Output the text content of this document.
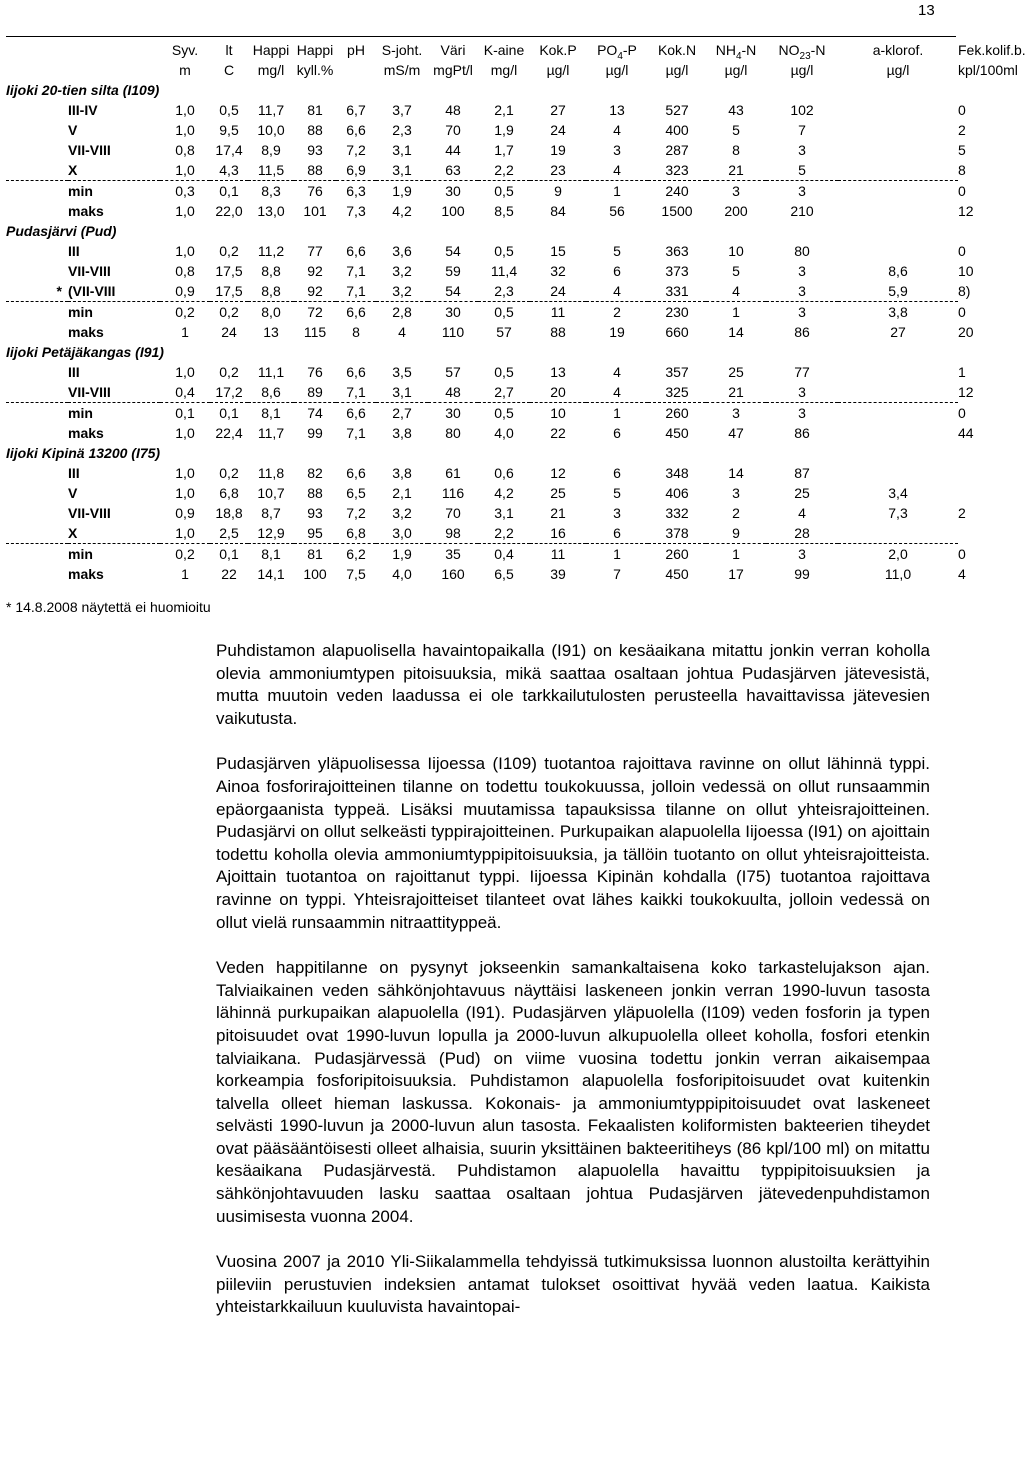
13
		Syv.	lt	Happi	Happi	pH	S-joht.	Väri	K-aine	Kok.P	$PO_4-P$	Kok.N	$NH_4-N$	$NO_{23}-N$	a-klorof.	Fek.kolif.b.
		m	C	mg/l	kyll.%		mS/m	mgPt/l	mg/l	µg/l	µg/l	µg/l	µg/l	µg/l	µg/l	kpl/100ml
Iijoki 20-tien silta (I109)																
	III-IV	1,0	0,5	11,7	81	6,7	3,7	48	2,1	27	13	527	43	102		0
	V	1,0	9,5	10,0	88	6,6	2,3	70	1,9	24	4	400	5	7		2
	VII-VIII	0,8	17,4	8,9	93	7,2	3,1	44	1,7	19	3	287	8	3		5
	X	1,0	4,3	11,5	88	6,9	3,1	63	2,2	23	4	323	21	5		8
	min	0,3	0,1	8,3	76	6,3	1,9	30	0,5	9	1	240	3	3		0
	maks	1,0	22,0	13,0	101	7,3	4,2	100	8,5	84	56	1500	200	210		12
Pudasjärvi (Pud)																
	III	1,0	0,2	11,2	77	6,6	3,6	54	0,5	15	5	363	10	80		0
	VII-VIII	0,8	17,5	8,8	92	7,1	3,2	59	11,4	32	6	373	5	3	8,6	10
*	(VII-VIII	0,9	17,5	8,8	92	7,1	3,2	54	2,3	24	4	331	4	3	5,9	8)
	min	0,2	0,2	8,0	72	6,6	2,8	30	0,5	11	2	230	1	3	3,8	0
	maks	1	24	13	115	8	4	110	57	88	19	660	14	86	27	20
Iijoki Petäjäkangas (I91)																
	III	1,0	0,2	11,1	76	6,6	3,5	57	0,5	13	4	357	25	77		1
	VII-VIII	0,4	17,2	8,6	89	7,1	3,1	48	2,7	20	4	325	21	3		12
	min	0,1	0,1	8,1	74	6,6	2,7	30	0,5	10	1	260	3	3		0
	maks	1,0	22,4	11,7	99	7,1	3,8	80	4,0	22	6	450	47	86		44
Iijoki Kipinä 13200 (I75)																
	III	1,0	0,2	11,8	82	6,6	3,8	61	0,6	12	6	348	14	87		
	V	1,0	6,8	10,7	88	6,5	2,1	116	4,2	25	5	406	3	25	3,4	
	VII-VIII	0,9	18,8	8,7	93	7,2	3,2	70	3,1	21	3	332	2	4	7,3	2
	X	1,0	2,5	12,9	95	6,8	3,0	98	2,2	16	6	378	9	28		
	min	0,2	0,1	8,1	81	6,2	1,9	35	0,4	11	1	260	1	3	2,0	0
	maks	1	22	14,1	100	7,5	4,0	160	6,5	39	7	450	17	99	11,0	4
* 14.8.2008 näytettä ei huomioitu

Puhdistamon alapuolisella havaintopaikalla (I91) on kesäaikana mitattu jonkin verran koholla olevia ammoniumtypen pitoisuuksia, mikä saattaa osaltaan johtua Pudasjärven jätevesistä, mutta muutoin veden laadussa ei ole tarkkailutulosten perusteella havaittavissa jätevesien vaikutusta.

Pudasjärven yläpuolisessa Iijoessa (I109) tuotantoa rajoittava ravinne on ollut lähinnä typpi. Ainoa fosforirajoitteinen tilanne on todettu toukokuussa, jolloin vedessä on ollut runsaammin epäorgaanista typpeä. Lisäksi muutamissa tapauksissa tilanne on ollut yhteisrajoitteinen. Pudasjärvi on ollut selkeästi typpirajoitteinen. Purkupaikan alapuolella Iijoessa (I91) on ajoittain todettu koholla olevia ammoniumtyppipitoisuuksia, ja tällöin tuotanto on ollut yhteisrajoitteista. Ajoittain tuotantoa on rajoittanut typpi. Iijoessa Kipinän kohdalla (I75) tuotantoa rajoittava ravinne on typpi. Yhteisrajoitteiset tilanteet ovat lähes kaikki toukokuulta, jolloin vedessä on ollut vielä runsaammin nitraattityppeä.

Veden happitilanne on pysynyt jokseenkin samankaltaisena koko tarkastelujakson ajan. Talviaikainen veden sähkönjohtavuus näyttäisi laskeneen jonkin verran 1990-luvun tasosta lähinnä purkupaikan alapuolella (I91). Pudasjärven yläpuolella (I109) veden fosforin ja typen pitoisuudet ovat 1990-luvun lopulla ja 2000-luvun alkupuolella olleet koholla, fosfori etenkin talviaikana. Pudasjärvessä (Pud) on viime vuosina todettu jonkin verran aikaisempaa korkeampia fosforipitoisuuksia. Puhdistamon alapuolella fosforipitoisuudet ovat kuitenkin talvella olleet hieman laskussa. Kokonais- ja ammoniumtyppipitoisuudet ovat laskeneet selvästi 1990-luvun ja 2000-luvun alun tasosta. Fekaalisten koliformisten bakteerien tiheydet ovat pääsääntöisesti olleet alhaisia, suurin yksittäinen bakteeritiheys (86 kpl/100 ml) on mitattu kesäaikana Pudasjärvestä. Puhdistamon alapuolella havaittu typpipitoisuuksien ja sähkönjohtavuuden lasku saattaa osaltaan johtua Pudasjärven jätevedenpuhdistamon uusimisesta vuonna 2004.

Vuosina 2007 ja 2010 Yli-Siikalammella tehdyissä tutkimuksissa luonnon alustoilta kerättyihin piileviin perustuvien indeksien antamat tulokset osoittivat hyvää veden laatua. Kaikista yhteistarkkailuun kuuluvista havaintopai-
